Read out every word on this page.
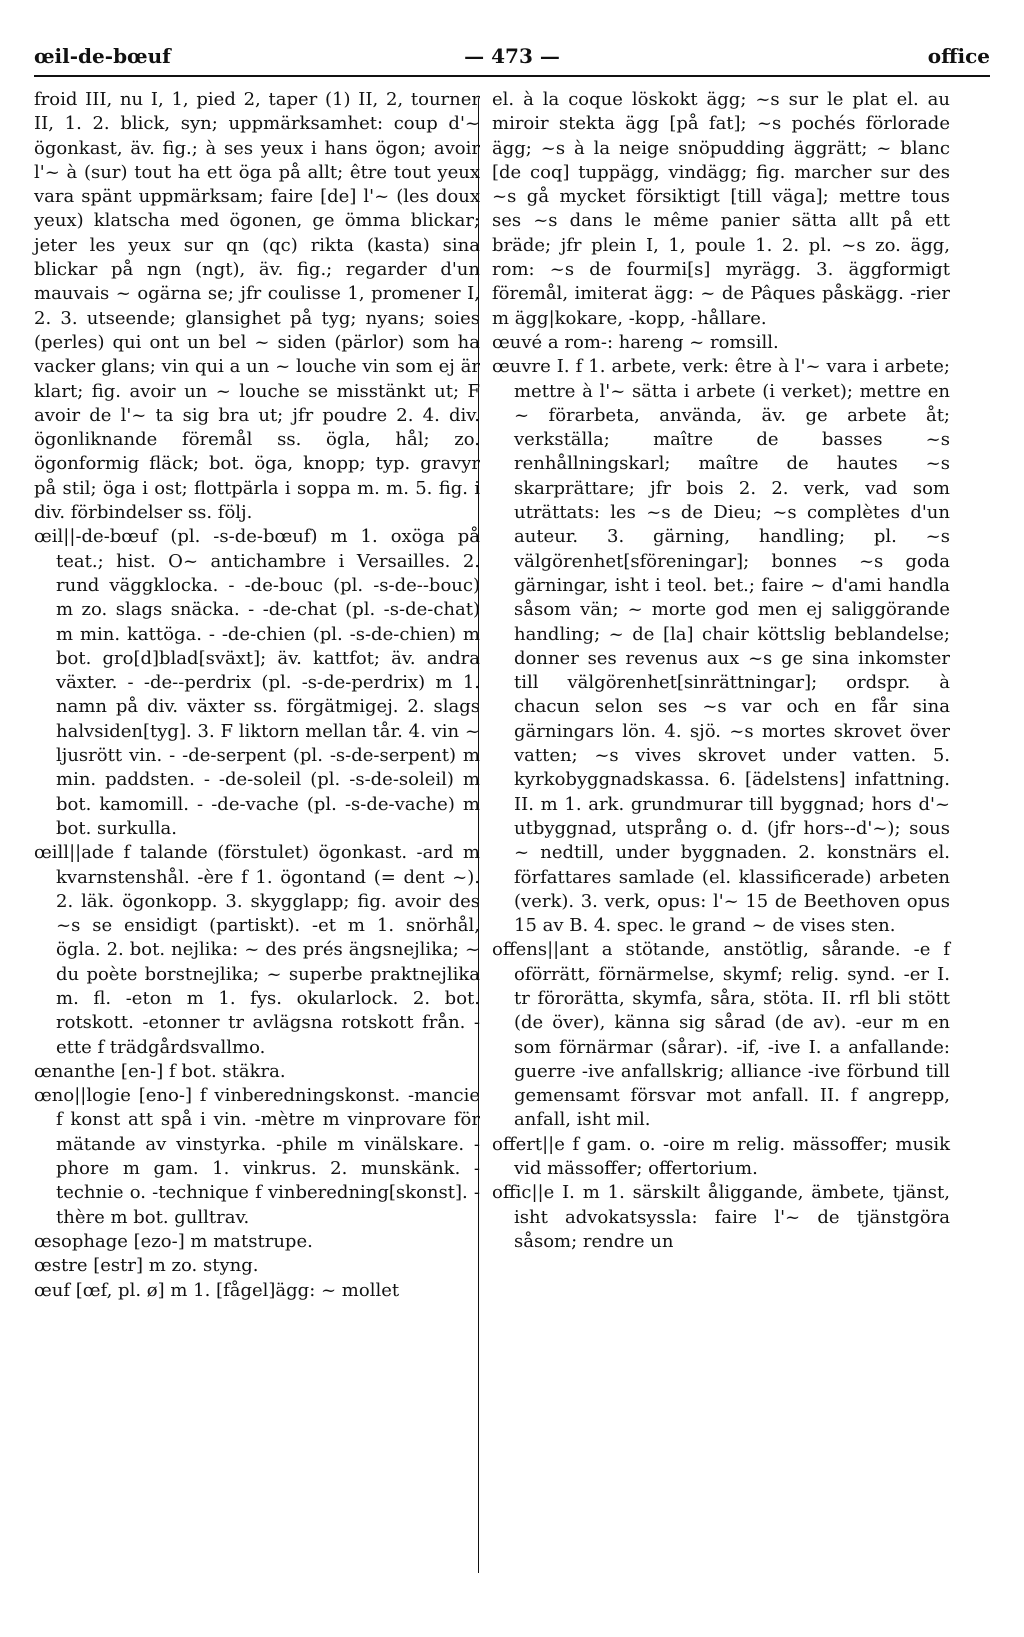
œil-de-bœuf	— 473 —	office

froid III, nu I, 1, pied 2, taper (1) II, 2, tourner II, 1. 2. blick, syn; uppmärksamhet: coup d'~ ögonkast, äv. fig.; à ses yeux i hans ögon; avoir l'~ à (sur) tout ha ett öga på allt; être tout yeux vara spänt uppmärksam; faire [de] l'~ (les doux yeux) klatscha med ögonen, ge ömma blickar; jeter les yeux sur qn (qc) rikta (kasta) sina blickar på ngn (ngt), äv. fig.; regarder d'un mauvais ~ ogärna se; jfr coulisse 1, promener I, 2. 3. utseende; glansighet på tyg; nyans; soies (perles) qui ont un bel ~ siden (pärlor) som ha vacker glans; vin qui a un ~ louche vin som ej är klart; fig. avoir un ~ louche se misstänkt ut; F avoir de l'~ ta sig bra ut; jfr poudre 2. 4. div. ögonliknande föremål ss. ögla, hål; zo. ögonformig fläck; bot. öga, knopp; typ. gravyr på stil; öga i ost; flottpärla i soppa m. m. 5. fig. i div. förbindelser ss. följ.

œil||-de-bœuf (pl. -s-de-bœuf) m 1. oxöga på teat.; hist. O~ antichambre i Versailles. 2. rund väggklocka. - -de-bouc (pl. -s-de--bouc) m zo. slags snäcka. - -de-chat (pl. -s-de-chat) m min. kattöga. - -de-chien (pl. -s-de-chien) m bot. gro[d]blad[sväxt]; äv. kattfot; äv. andra växter. - -de--perdrix (pl. -s-de-perdrix) m 1. namn på div. växter ss. förgätmigej. 2. slags halvsiden[tyg]. 3. F liktorn mellan tår. 4. vin ~ ljusrött vin. - -de-serpent (pl. -s-de-serpent) m min. paddsten. - -de-soleil (pl. -s-de-soleil) m bot. kamomill. - -de-vache (pl. -s-de-vache) m bot. surkulla.

œill||ade f talande (förstulet) ögonkast. -ard m kvarnstenshål. -ère f 1. ögontand (= dent ~). 2. läk. ögonkopp. 3. skygglapp; fig. avoir des ~s se ensidigt (partiskt). -et m 1. snörhål, ögla. 2. bot. nejlika: ~ des prés ängsnejlika; ~ du poète borstnejlika; ~ superbe praktnejlika m. fl. -eton m 1. fys. okularlock. 2. bot. rotskott. -etonner tr avlägsna rotskott från. -ette f trädgårdsvallmo.

œnanthe [en-] f bot. stäkra.

œno||logie [eno-] f vinberedningskonst. -mancie f konst att spå i vin. -mètre m vinprovare för mätande av vinstyrka. -phile m vinälskare. -phore m gam. 1. vinkrus. 2. munskänk. -technie o. -technique f vinberedning[skonst]. -thère m bot. gulltrav.

œsophage [ezo-] m matstrupe.

œstre [estr] m zo. styng.

œuf [œf, pl. ø] m 1. [fågel]ägg: ~ mollet

el. à la coque löskokt ägg; ~s sur le plat el. au miroir stekta ägg [på fat]; ~s pochés förlorade ägg; ~s à la neige snöpudding äggrätt; ~ blanc [de coq] tuppägg, vindägg; fig. marcher sur des ~s gå mycket försiktigt [till väga]; mettre tous ses ~s dans le même panier sätta allt på ett bräde; jfr plein I, 1, poule 1. 2. pl. ~s zo. ägg, rom: ~s de fourmi[s] myrägg. 3. äggformigt föremål, imiterat ägg: ~ de Pâques påskägg. -rier m ägg|kokare, -kopp, -hållare.

œuvé a rom-: hareng ~ romsill.

œuvre I. f 1. arbete, verk: être à l'~ vara i arbete; mettre à l'~ sätta i arbete (i verket); mettre en ~ förarbeta, använda, äv. ge arbete åt; verkställa; maître de basses ~s renhållningskarl; maître de hautes ~s skarprättare; jfr bois 2. 2. verk, vad som uträttats: les ~s de Dieu; ~s complètes d'un auteur. 3. gärning, handling; pl. ~s välgörenhet[sföreningar]; bonnes ~s goda gärningar, isht i teol. bet.; faire ~ d'ami handla såsom vän; ~ morte god men ej saliggörande handling; ~ de [la] chair köttslig beblandelse; donner ses revenus aux ~s ge sina inkomster till välgörenhet[sinrättningar]; ordspr. à chacun selon ses ~s var och en får sina gärningars lön. 4. sjö. ~s mortes skrovet över vatten; ~s vives skrovet under vatten. 5. kyrkobyggnadskassa. 6. [ädelstens] infattning. II. m 1. ark. grundmurar till byggnad; hors d'~ utbyggnad, utsprång o. d. (jfr hors--d'~); sous ~ nedtill, under byggnaden. 2. konstnärs el. författares samlade (el. klassificerade) arbeten (verk). 3. verk, opus: l'~ 15 de Beethoven opus 15 av B. 4. spec. le grand ~ de vises sten.

offens||ant a stötande, anstötlig, sårande. -e f oförrätt, förnärmelse, skymf; relig. synd. -er I. tr förorätta, skymfa, såra, stöta. II. rfl bli stött (de över), känna sig sårad (de av). -eur m en som förnärmar (sårar). -if, -ive I. a anfallande: guerre -ive anfallskrig; alliance -ive förbund till gemensamt försvar mot anfall. II. f angrepp, anfall, isht mil.

offert||e f gam. o. -oire m relig. mässoffer; musik vid mässoffer; offertorium.

offic||e I. m 1. särskilt åliggande, ämbete, tjänst, isht advokatsyssla: faire l'~ de tjänstgöra såsom; rendre un
